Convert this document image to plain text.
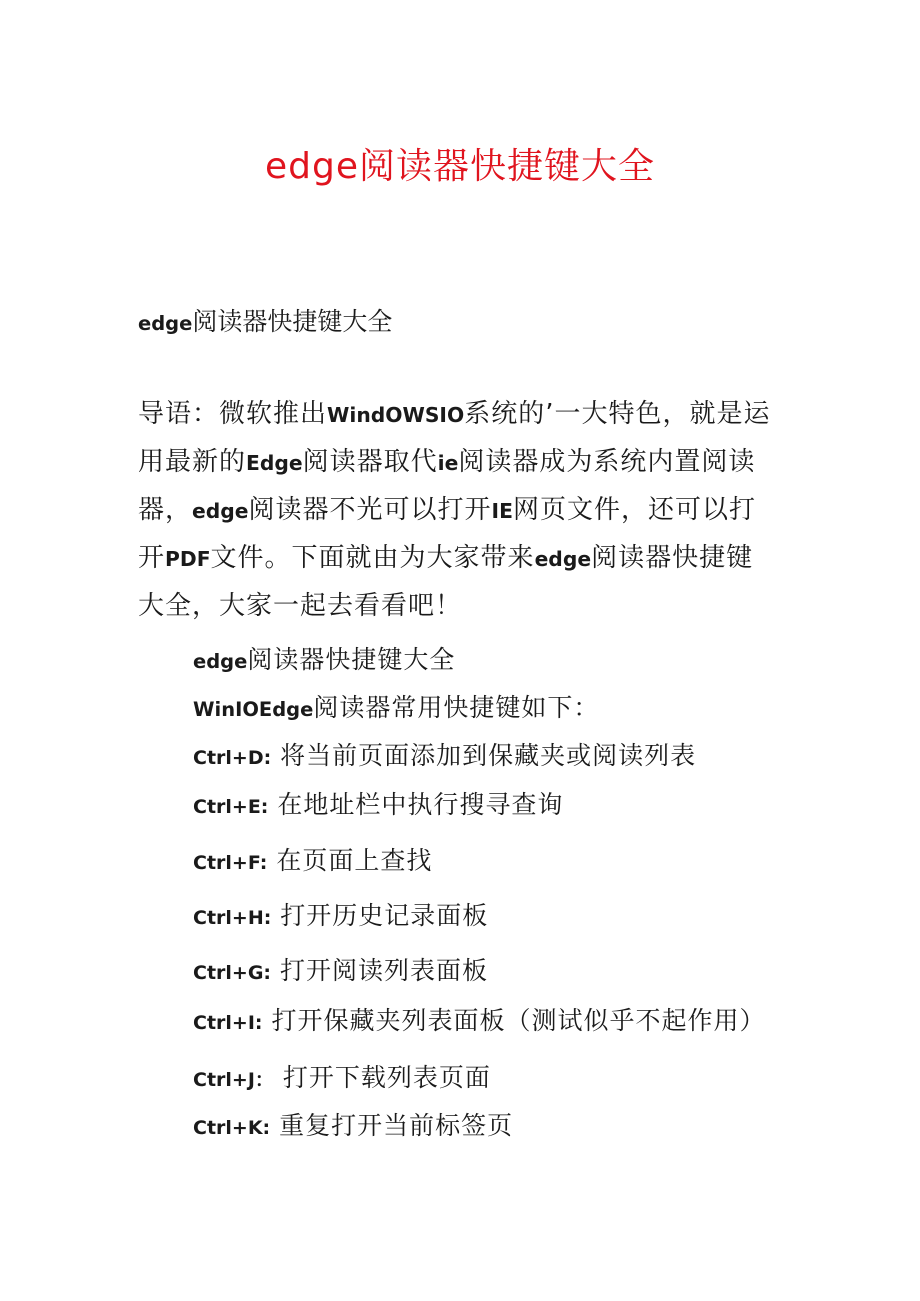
edge阅读器快捷键大全
edge阅读器快捷键大全
导语：微软推出WindOWSIO系统的’一大特色，就是运
用最新的Edge阅读器取代ie阅读器成为系统内置阅读
器，edge阅读器不光可以打开IE网页文件，还可以打
开PDF文件。下面就由为大家带来edge阅读器快捷键
大全，大家一起去看看吧！
edge阅读器快捷键大全
WinIOEdge阅读器常用快捷键如下：
Ctrl+D: 将当前页面添加到保藏夹或阅读列表
Ctrl+E: 在地址栏中执行搜寻查询
Ctrl+F: 在页面上查找
Ctrl+H: 打开历史记录面板
Ctrl+G: 打开阅读列表面板
Ctrl+I: 打开保藏夹列表面板（测试似乎不起作用）
Ctrl+J： 打开下载列表页面
Ctrl+K: 重复打开当前标签页
